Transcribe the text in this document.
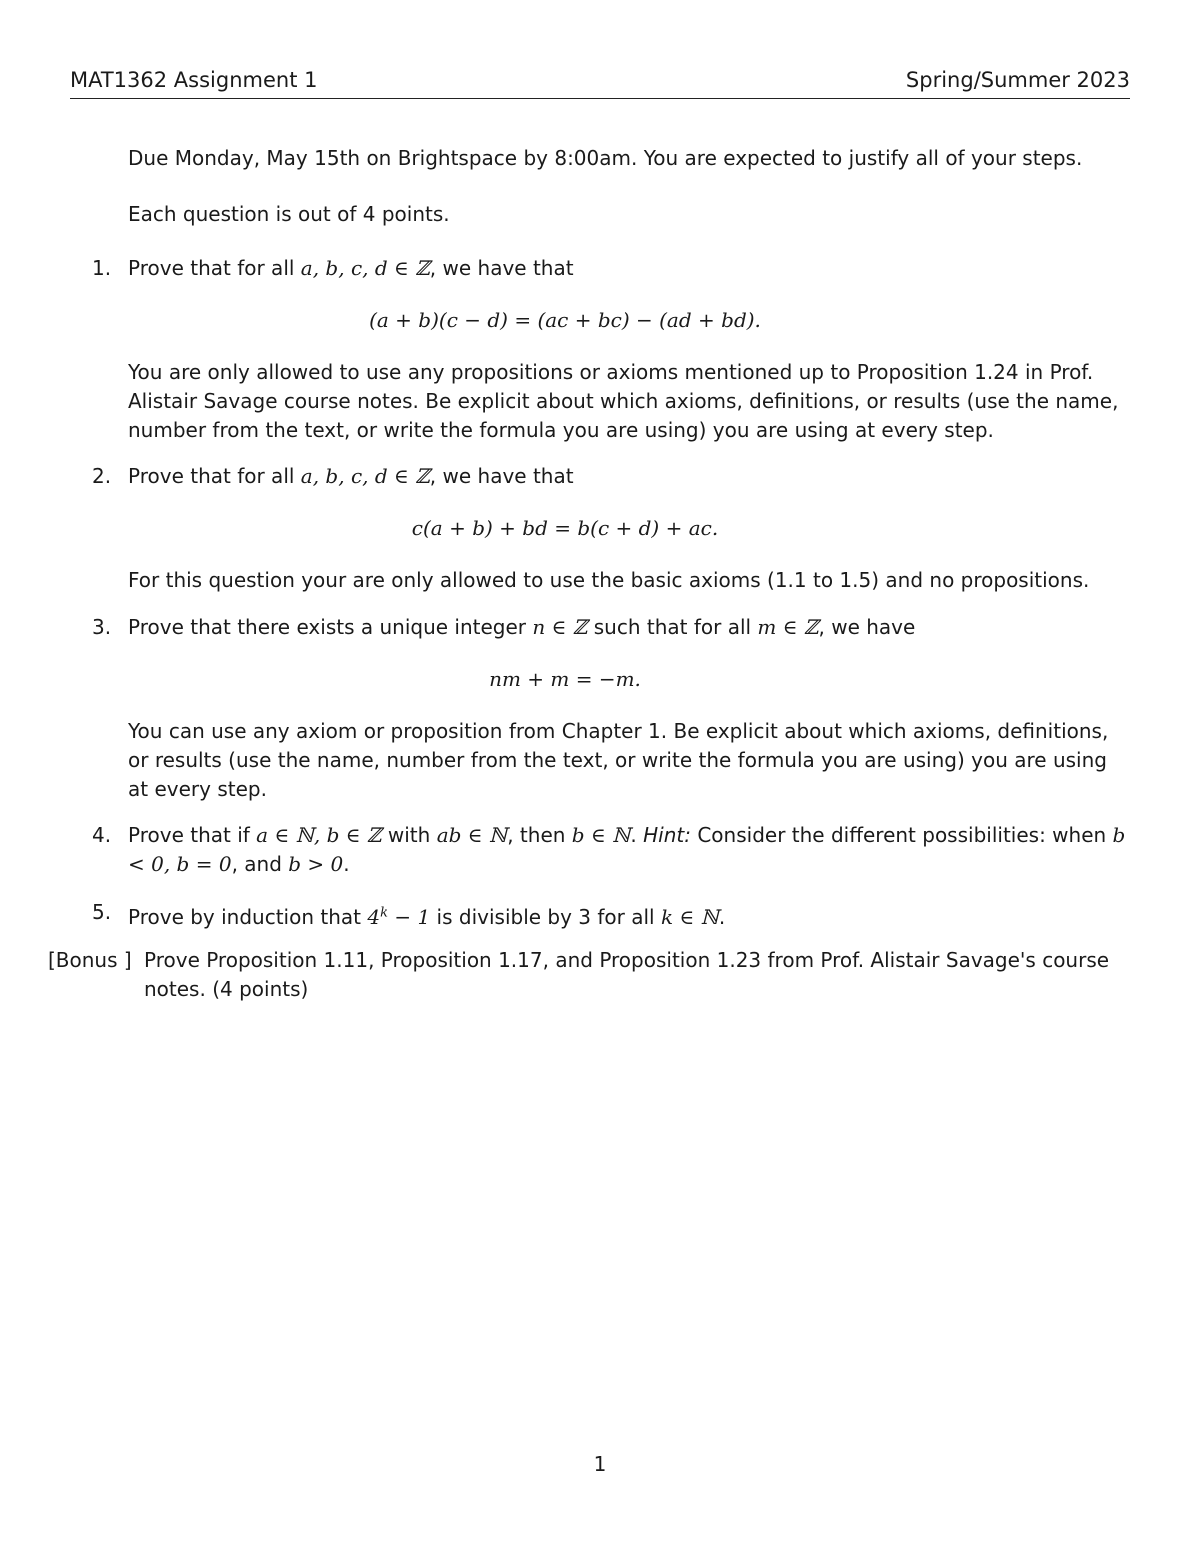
MAT1362 Assignment 1	Spring/Summer 2023
Due Monday, May 15th on Brightspace by 8:00am. You are expected to justify all of your steps.
Each question is out of 4 points.
1. Prove that for all a, b, c, d ∈ ℤ, we have that
(a + b)(c − d) = (ac + bc) − (ad + bd).
You are only allowed to use any propositions or axioms mentioned up to Proposition 1.24 in Prof. Alistair Savage course notes. Be explicit about which axioms, definitions, or results (use the name, number from the text, or write the formula you are using) you are using at every step.
2. Prove that for all a, b, c, d ∈ ℤ, we have that
c(a + b) + bd = b(c + d) + ac.
For this question your are only allowed to use the basic axioms (1.1 to 1.5) and no propositions.
3. Prove that there exists a unique integer n ∈ ℤ such that for all m ∈ ℤ, we have
nm + m = −m.
You can use any axiom or proposition from Chapter 1. Be explicit about which axioms, definitions, or results (use the name, number from the text, or write the formula you are using) you are using at every step.
4. Prove that if a ∈ ℕ, b ∈ ℤ with ab ∈ ℕ, then b ∈ ℕ. Hint: Consider the different possibilities: when b < 0, b = 0, and b > 0.
5. Prove by induction that $4^k - 1$ is divisible by 3 for all k ∈ ℕ.
[Bonus ] Prove Proposition 1.11, Proposition 1.17, and Proposition 1.23 from Prof. Alistair Savage's course notes. (4 points)
1
